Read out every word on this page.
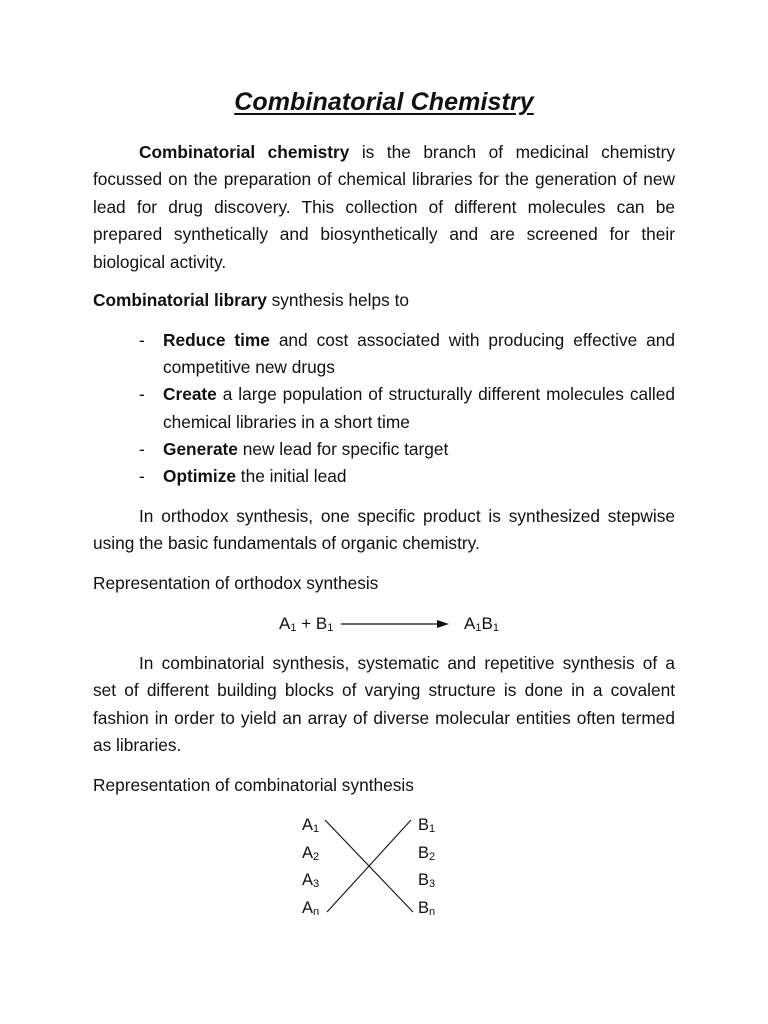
Combinatorial Chemistry

Combinatorial chemistry is the branch of medicinal chemistry focussed on the preparation of chemical libraries for the generation of new lead for drug discovery. This collection of different molecules can be prepared synthetically and biosynthetically and are screened for their biological activity.

Combinatorial library synthesis helps to

- Reduce time and cost associated with producing effective and competitive new drugs
- Create a large population of structurally different molecules called chemical libraries in a short time
- Generate new lead for specific target
- Optimize the initial lead

In orthodox synthesis, one specific product is synthesized stepwise using the basic fundamentals of organic chemistry.

Representation of orthodox synthesis
$A_1 + B_1$	$A_1B_1$

In combinatorial synthesis, systematic and repetitive synthesis of a set of different building blocks of varying structure is done in a covalent fashion in order to yield an array of diverse molecular entities often termed as libraries.

Representation of combinatorial synthesis
$A_1$
$A_2$
$A_3$
$A_n$
$B_1$
$B_2$
$B_3$
$B_n$
